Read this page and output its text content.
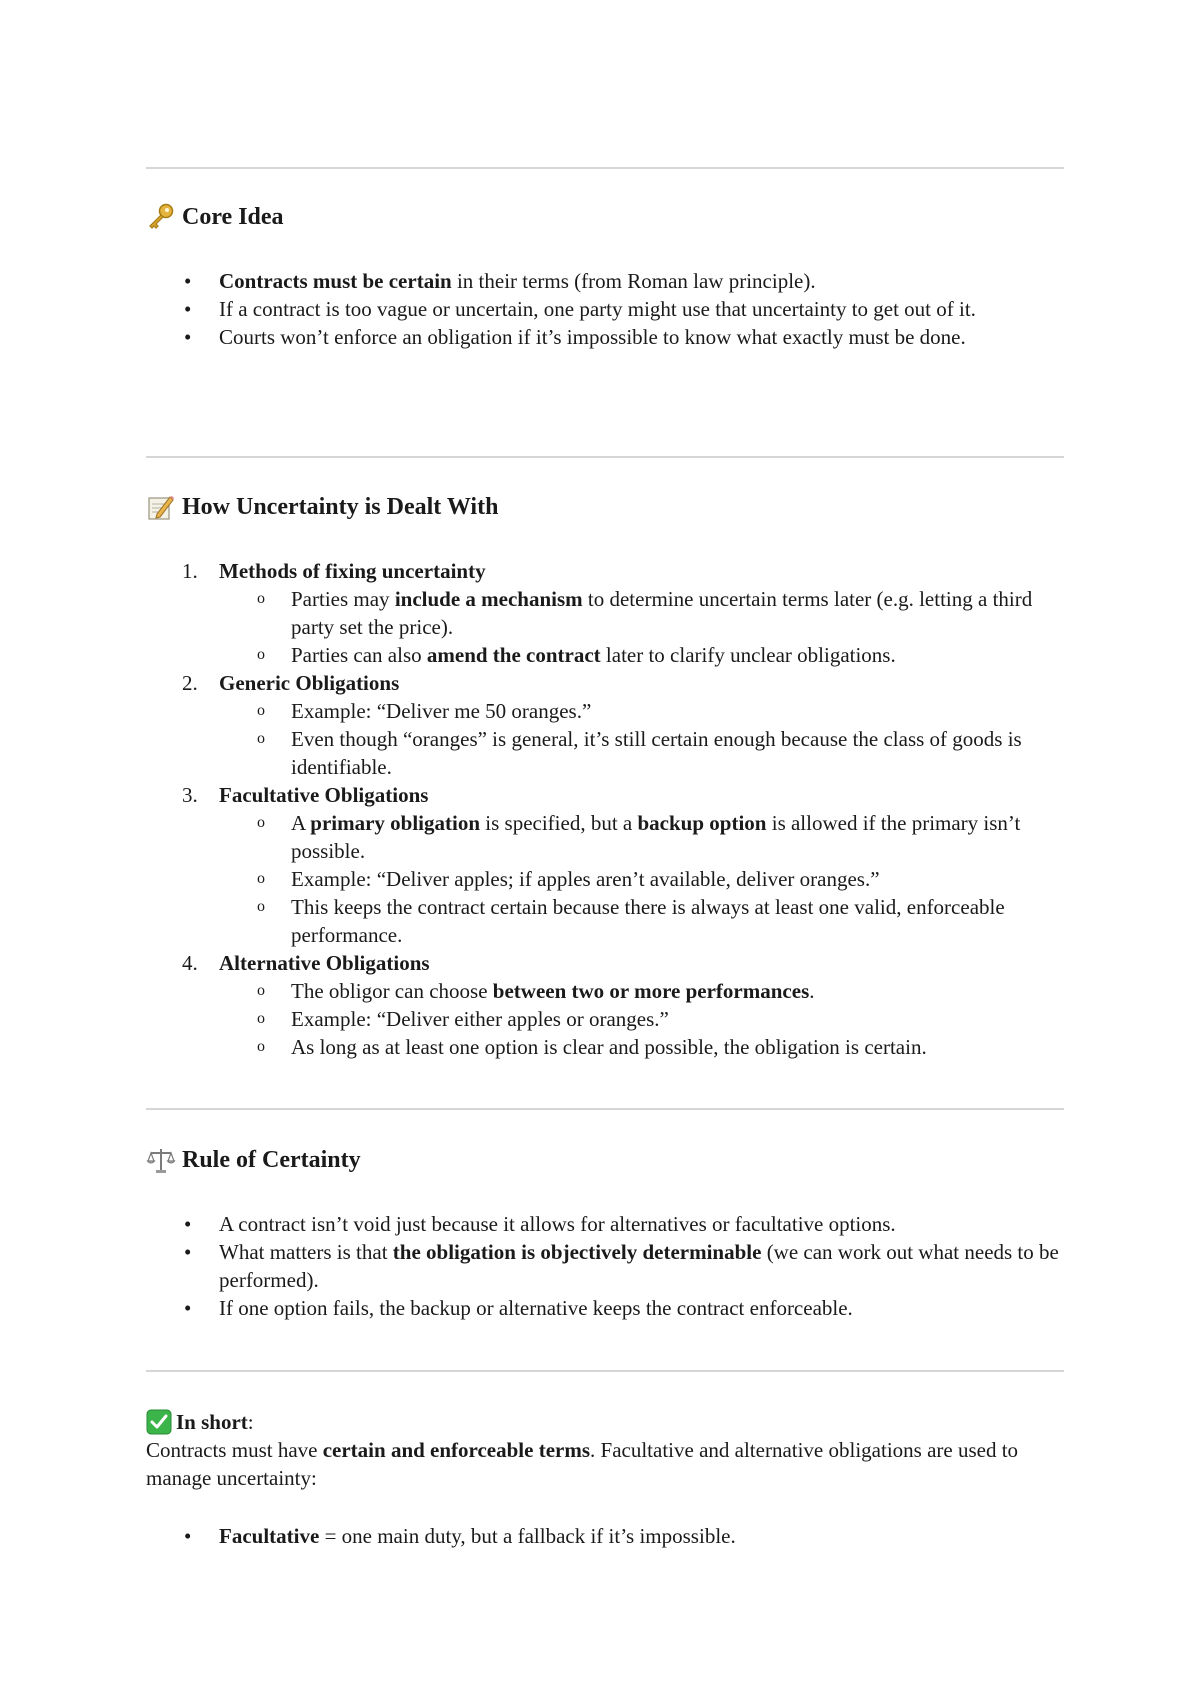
Core Idea
• Contracts must be certain in their terms (from Roman law principle).
• If a contract is too vague or uncertain, one party might use that uncertainty to get out of it.
• Courts won’t enforce an obligation if it’s impossible to know what exactly must be done.
How Uncertainty is Dealt With
1. Methods of fixing uncertainty
o Parties may include a mechanism to determine uncertain terms later (e.g. letting a third party set the price).
o Parties can also amend the contract later to clarify unclear obligations.
2. Generic Obligations
o Example: “Deliver me 50 oranges.”
o Even though “oranges” is general, it’s still certain enough because the class of goods is identifiable.
3. Facultative Obligations
o A primary obligation is specified, but a backup option is allowed if the primary isn’t possible.
o Example: “Deliver apples; if apples aren’t available, deliver oranges.”
o This keeps the contract certain because there is always at least one valid, enforceable performance.
4. Alternative Obligations
o The obligor can choose between two or more performances.
o Example: “Deliver either apples or oranges.”
o As long as at least one option is clear and possible, the obligation is certain.
Rule of Certainty
• A contract isn’t void just because it allows for alternatives or facultative options.
• What matters is that the obligation is objectively determinable (we can work out what needs to be performed).
• If one option fails, the backup or alternative keeps the contract enforceable.
In short :
Contracts must have certain and enforceable terms. Facultative and alternative obligations are used to manage uncertainty:
• Facultative = one main duty, but a fallback if it’s impossible.
